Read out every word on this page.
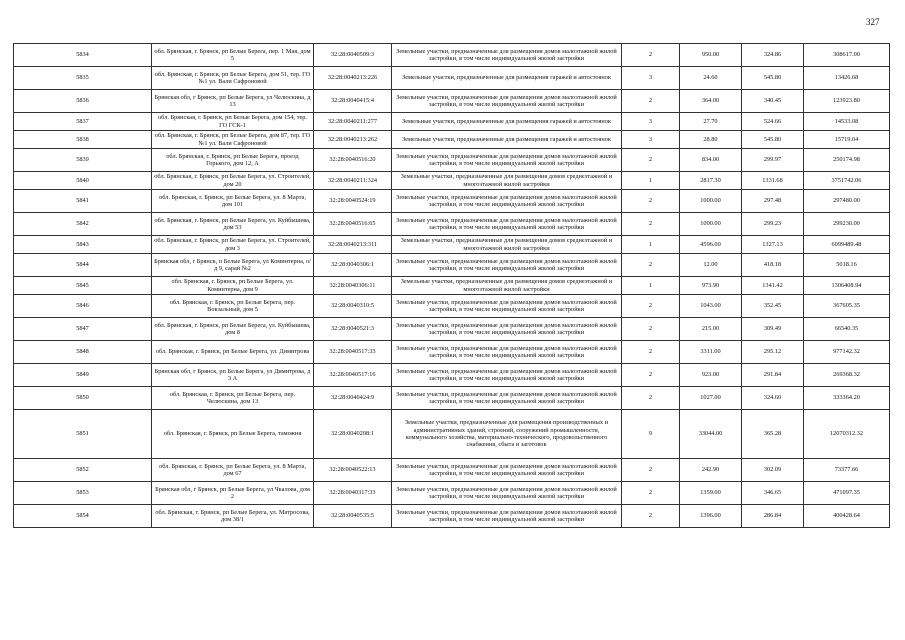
327
5834	обл. Брянская, г. Брянск, рп Белые Берега, пер. 1 Мая, дом 5	32:28:0040509:3	Земельные участки, предназначенные для размещения домов малоэтажной жилой застройки, в том числе индивидуальной жилой застройки	2	950.00	324.86	308617.00
5835	обл. Брянская, г. Брянск, рп Белые Берега, дом 51, тер. ГО №1 ул. Вали Сафроновой	32:28:0040213:226	Земельные участки, предназначенные для размещения гаражей и автостоянок	3	24.60	545.80	13426.68
5836	Брянская обл, г Брянск, рп Белые Берега, ул Челюскина, д 13	32:28:0040415:4	Земельные участки, предназначенные для размещения домов малоэтажной жилой застройки, в том числе индивидуальной жилой застройки	2	364.00	340.45	123923.80
5837	обл. Брянская, г. Брянск, рп Белые Берега, дом 154, тер. ГО ГСК-1	32:28:0040211:277	Земельные участки, предназначенные для размещения гаражей и автостоянок	3	27.70	524.66	14533.08
5838	обл. Брянская, г. Брянск, рп Белые Берега, дом 87, тер. ГО №1 ул. Вали Сафроновой	32:28:0040213:262	Земельные участки, предназначенные для размещения гаражей и автостоянок	3	28.80	545.80	15719.04
5839	обл. Брянская, г. Брянск, рп Белые Берега, проезд Горького, дом 12, А	32:28:0040516:20	Земельные участки, предназначенные для размещения домов малоэтажной жилой застройки, в том числе индивидуальной жилой застройки	2	834.00	299.97	250174.98
5840	обл. Брянская, г. Брянск, рп Белые Берега, ул. Строителей, дом 20	32:28:0040211:324	Земельные участки, предназначенные для размещения домов среднеэтажной и многоэтажной жилой застройки	1	2817.30	1331.68	3751742.06
5841	обл. Брянская, г. Брянск, рп Белые Берега, ул. 8 Марта, дом 101	32:28:0040524:19	Земельные участки, предназначенные для размещения домов малоэтажной жилой застройки, в том числе индивидуальной жилой застройки	2	1000.00	297.48	297480.00
5842	обл. Брянская, г. Брянск, рп Белые Берега, ул. Куйбышева, дом 53	32:28:0040516:65	Земельные участки, предназначенные для размещения домов малоэтажной жилой застройки, в том числе индивидуальной жилой застройки	2	1000.00	299.23	299230.00
5843	обл. Брянская, г. Брянск, рп Белые Берега, ул. Строителей, дом 3	32:28:0040213:311	Земельные участки, предназначенные для размещения домов среднеэтажной и многоэтажной жилой застройки	1	4596.00	1327.13	6099489.48
5844	Брянская обл, г Брянск, п Белые Берега, ул Коминтерна, о/д 9, сарай №2	32:28:0040306:1	Земельные участки, предназначенные для размещения домов малоэтажной жилой застройки, в том числе индивидуальной жилой застройки	2	12.00	418.18	5018.16
5845	обл. Брянская, г. Брянск, рп Белые Берега, ул. Коминтерна, дом 9	32:28:0040306:11	Земельные участки, предназначенные для размещения домов среднеэтажной и многоэтажной жилой застройки	1	973.90	1341.42	1306408.94
5846	обл. Брянская, г. Брянск, рп Белые Берега, пер. Вокзальный, дом 5	32:28:0040310:5	Земельные участки, предназначенные для размещения домов малоэтажной жилой застройки, в том числе индивидуальной жилой застройки	2	1043.00	352.45	367605.35
5847	обл. Брянская, г. Брянск, рп Белые Берега, ул. Куйбышева, дом 8	32:28:0040521:3	Земельные участки, предназначенные для размещения домов малоэтажной жилой застройки, в том числе индивидуальной жилой застройки	2	215.00	309.49	66540.35
5848	обл. Брянская, г. Брянск, рп Белые Берега, ул. Димитрова	32:28:0040517:33	Земельные участки, предназначенные для размещения домов малоэтажной жилой застройки, в том числе индивидуальной жилой застройки	2	3311.00	295.12	977142.32
5849	Брянская обл, г Брянск, рп Белые Берега, ул Димитрова, д 3 А	32:28:0040517:16	Земельные участки, предназначенные для размещения домов малоэтажной жилой застройки, в том числе индивидуальной жилой застройки	2	923.00	291.84	269368.32
5850	обл. Брянская, г. Брянск, рп Белые Берега, пер. Челюскина, дом 13	32:28:0040424:9	Земельные участки, предназначенные для размещения домов малоэтажной жилой застройки, в том числе индивидуальной жилой застройки	2	1027.00	324.60	333364.20
5851	обл. Брянская, г. Брянск, рп Белые Берега, таможня	32:28:0040208:1	Земельные участки, предназначенные для размещения производственных и административных зданий, строений, сооружений промышленности, коммунального хозяйства, материально-технического, продовольственного снабжения, сбыта и заготовок	9	33044.00	365.28	12070312.32
5852	обл. Брянская, г. Брянск, рп Белые Берега, ул. 8 Марта, дом 67	32:28:0040522:13	Земельные участки, предназначенные для размещения домов малоэтажной жилой застройки, в том числе индивидуальной жилой застройки	2	242.90	302.09	73377.66
5853	Брянская обл, г Брянск, рп Белые Берега, ул Чкалова, дом 2	32:28:0040317:33	Земельные участки, предназначенные для размещения домов малоэтажной жилой застройки, в том числе индивидуальной жилой застройки	2	1359.00	346.65	471097.35
5854	обл. Брянская, г. Брянск, рп Белые Берега, ул. Матросова, дом 38/1	32:28:0040535:5	Земельные участки, предназначенные для размещения домов малоэтажной жилой застройки, в том числе индивидуальной жилой застройки	2	1396.00	286.84	400428.64
